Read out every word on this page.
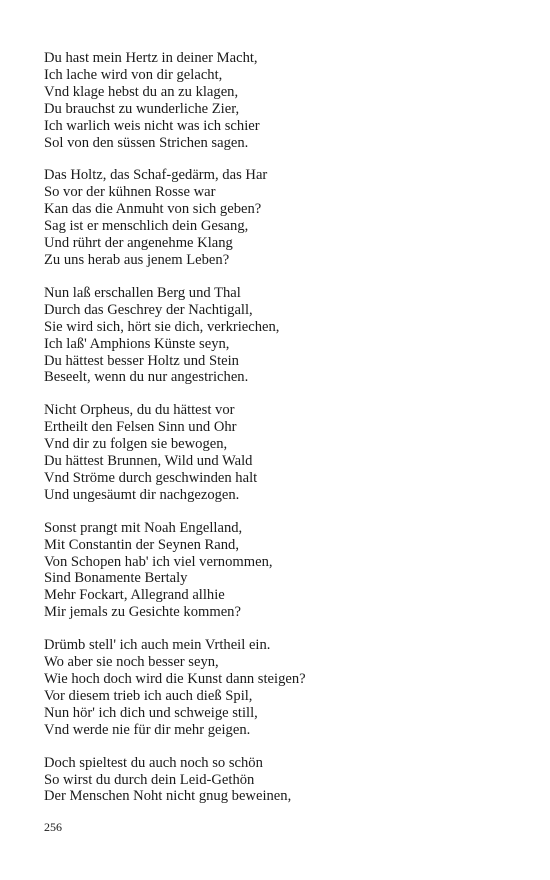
Du hast mein Hertz in deiner Macht,
Ich lache wird von dir gelacht,
Vnd klage hebst du an zu klagen,
Du brauchst zu wunderliche Zier,
Ich warlich weis nicht was ich schier
Sol von den süssen Strichen sagen.
Das Holtz, das Schaf-gedärm, das Har
So vor der kühnen Rosse war
Kan das die Anmuht von sich geben?
Sag ist er menschlich dein Gesang,
Und rührt der angenehme Klang
Zu uns herab aus jenem Leben?
Nun laß erschallen Berg und Thal
Durch das Geschrey der Nachtigall,
Sie wird sich, hört sie dich, verkriechen,
Ich laß' Amphions Künste seyn,
Du hättest besser Holtz und Stein
Beseelt, wenn du nur angestrichen.
Nicht Orpheus, du du hättest vor
Ertheilt den Felsen Sinn und Ohr
Vnd dir zu folgen sie bewogen,
Du hättest Brunnen, Wild und Wald
Vnd Ströme durch geschwinden halt
Und ungesäumt dir nachgezogen.
Sonst prangt mit Noah Engelland,
Mit Constantin der Seynen Rand,
Von Schopen hab' ich viel vernommen,
Sind Bonamente Bertaly
Mehr Fockart, Allegrand allhie
Mir jemals zu Gesichte kommen?
Drümb stell' ich auch mein Vrtheil ein.
Wo aber sie noch besser seyn,
Wie hoch doch wird die Kunst dann steigen?
Vor diesem trieb ich auch dieß Spil,
Nun hör' ich dich und schweige still,
Vnd werde nie für dir mehr geigen.
Doch spieltest du auch noch so schön
So wirst du durch dein Leid-Gethön
Der Menschen Noht nicht gnug beweinen,
256
